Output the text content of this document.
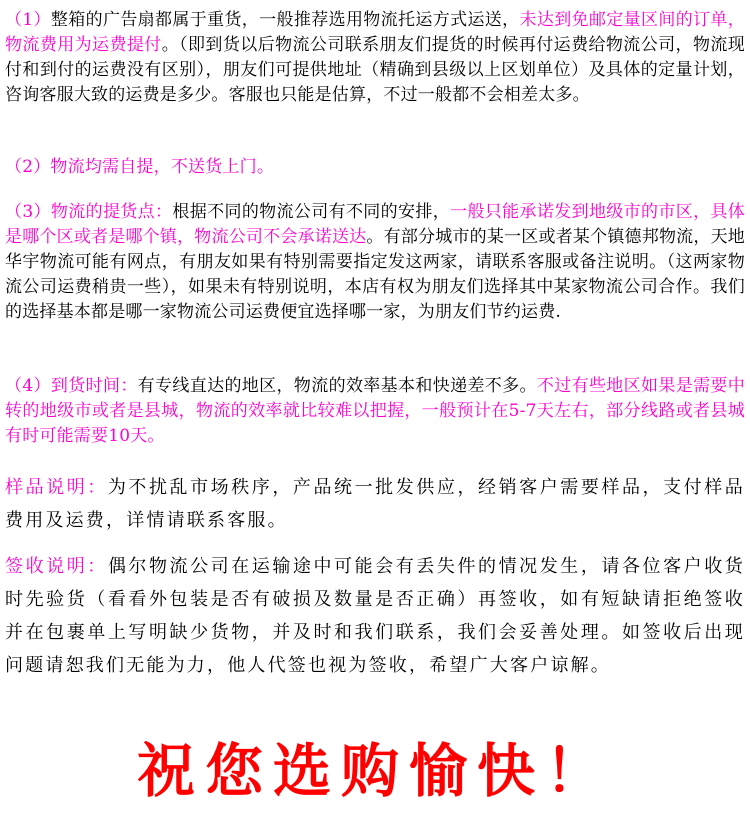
（1）整箱的广告扇都属于重货，一般推荐选用物流托运方式运送，未达到免邮定量区间的订单，物流费用为运费提付。（即到货以后物流公司联系朋友们提货的时候再付运费给物流公司，物流现付和到付的运费没有区别），朋友们可提供地址（精确到县级以上区划单位）及具体的定量计划，咨询客服大致的运费是多少。客服也只能是估算，不过一般都不会相差太多。

（2）物流均需自提，不送货上门。

（3）物流的提货点：根据不同的物流公司有不同的安排，一般只能承诺发到地级市的市区，具体是哪个区或者是哪个镇，物流公司不会承诺送达。有部分城市的某一区或者某个镇德邦物流，天地华宇物流可能有网点，有朋友如果有特别需要指定发这两家，请联系客服或备注说明。（这两家物流公司运费稍贵一些），如果未有特别说明，本店有权为朋友们选择其中某家物流公司合作。我们的选择基本都是哪一家物流公司运费便宜选择哪一家，为朋友们节约运费.

（4）到货时间：有专线直达的地区，物流的效率基本和快递差不多。不过有些地区如果是需要中转的地级市或者是县城，物流的效率就比较难以把握，一般预计在5-7天左右，部分线路或者县城有时可能需要10天。

样品说明：为不扰乱市场秩序，产品统一批发供应，经销客户需要样品，支付样品费用及运费，详情请联系客服。

签收说明：偶尔物流公司在运输途中可能会有丢失件的情况发生，请各位客户收货时先验货（看看外包装是否有破损及数量是否正确）再签收，如有短缺请拒绝签收并在包裹单上写明缺少货物，并及时和我们联系，我们会妥善处理。如签收后出现问题请恕我们无能为力，他人代签也视为签收，希望广大客户谅解。

祝您选购愉快！
